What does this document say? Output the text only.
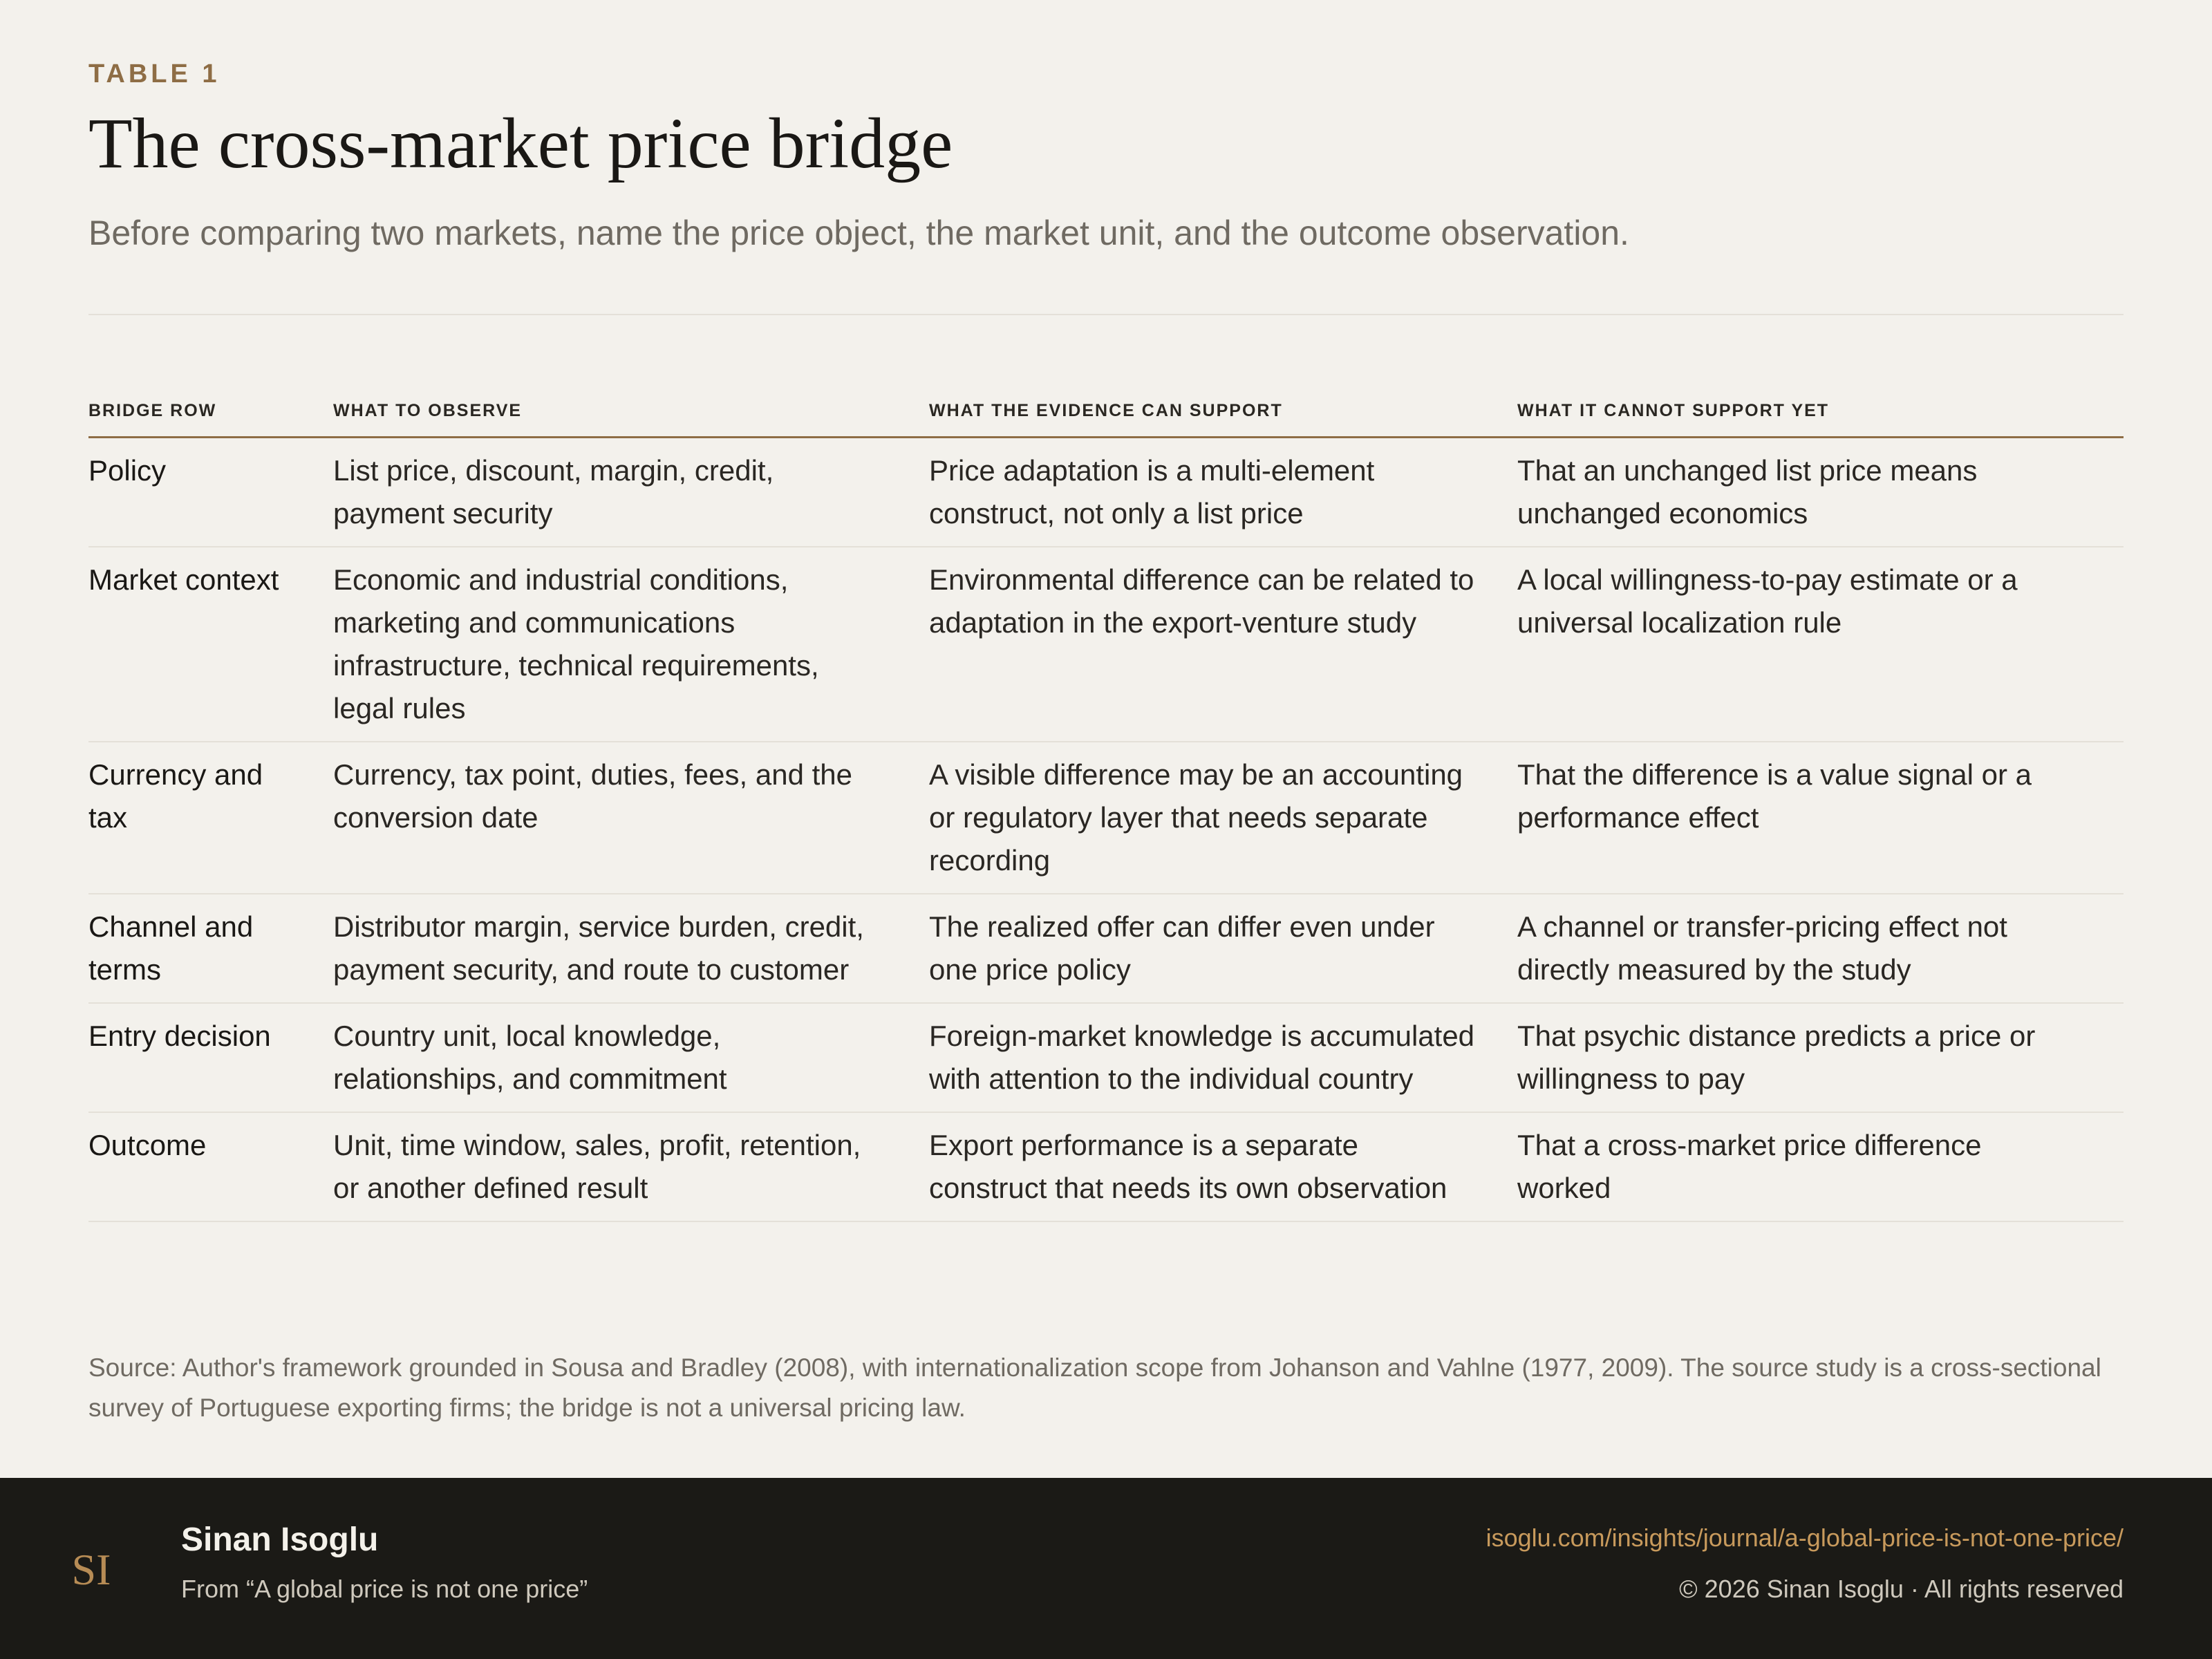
TABLE 1
The cross-market price bridge
Before comparing two markets, name the price object, the market unit, and the outcome observation.
BRIDGE ROW	WHAT TO OBSERVE	WHAT THE EVIDENCE CAN SUPPORT	WHAT IT CANNOT SUPPORT YET
Policy	List price, discount, margin, credit, payment security	Price adaptation is a multi-element construct, not only a list price	That an unchanged list price means unchanged economics
Market context	Economic and industrial conditions, marketing and communications infrastructure, technical requirements, legal rules	Environmental difference can be related to adaptation in the export-venture study	A local willingness-to-pay estimate or a universal localization rule
Currency and tax	Currency, tax point, duties, fees, and the conversion date	A visible difference may be an accounting or regulatory layer that needs separate recording	That the difference is a value signal or a performance effect
Channel and terms	Distributor margin, service burden, credit, payment security, and route to customer	The realized offer can differ even under one price policy	A channel or transfer-pricing effect not directly measured by the study
Entry decision	Country unit, local knowledge, relationships, and commitment	Foreign-market knowledge is accumulated with attention to the individual country	That psychic distance predicts a price or willingness to pay
Outcome	Unit, time window, sales, profit, retention, or another defined result	Export performance is a separate construct that needs its own observation	That a cross-market price difference worked
Source: Author's framework grounded in Sousa and Bradley (2008), with internationalization scope from Johanson and Vahlne (1977, 2009). The source study is a cross-sectional survey of Portuguese exporting firms; the bridge is not a universal pricing law.
SI
Sinan Isoglu
From “A global price is not one price”
isoglu.com/insights/journal/a-global-price-is-not-one-price/
© 2026 Sinan Isoglu · All rights reserved
